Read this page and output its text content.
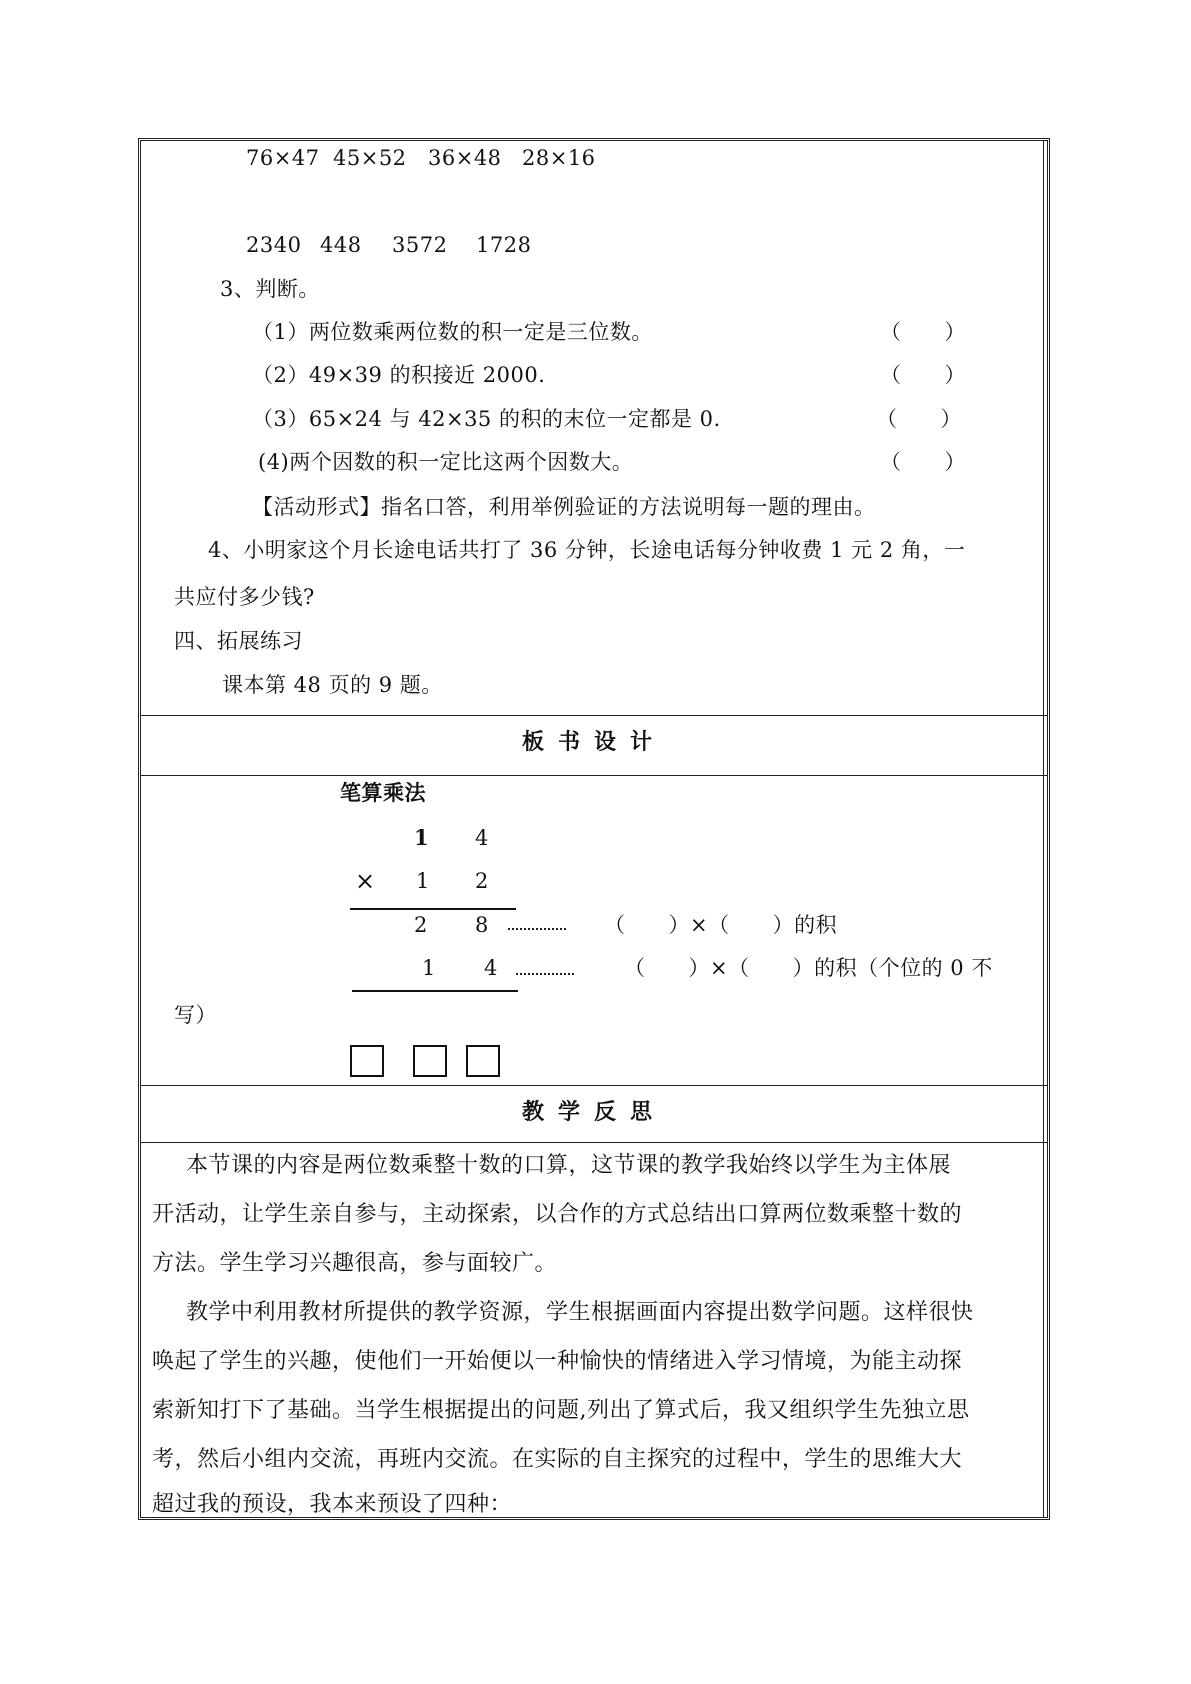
76×47 45×52 36×48 28×16
2340 448 3572 1728
3、判断。
（1）两位数乘两位数的积一定是三位数。	（　　）
（2）49×39 的积接近 2000.	（　　）
（3）65×24 与 42×35 的积的末位一定都是 0.	（　　）
(4)两个因数的积一定比这两个因数大。	（　　）
【活动形式】指名口答，利用举例验证的方法说明每一题的理由。
4、小明家这个月长途电话共打了 36 分钟，长途电话每分钟收费 1 元 2 角，一
共应付多少钱?
四、拓展练习
课本第 48 页的 9 题。
板书设计
笔算乘法
1 4
× 1 2
2 8	（　　）×（　　）的积
1 4	（　　）×（　　）的积（个位的 0 不
写）
教学反思
本节课的内容是两位数乘整十数的口算，这节课的教学我始终以学生为主体展
开活动，让学生亲自参与，主动探索，以合作的方式总结出口算两位数乘整十数的
方法。学生学习兴趣很高，参与面较广。
教学中利用教材所提供的教学资源，学生根据画面内容提出数学问题。这样很快
唤起了学生的兴趣，使他们一开始便以一种愉快的情绪进入学习情境，为能主动探
索新知打下了基础。当学生根据提出的问题,列出了算式后，我又组织学生先独立思
考，然后小组内交流，再班内交流。在实际的自主探究的过程中，学生的思维大大
超过我的预设，我本来预设了四种：
